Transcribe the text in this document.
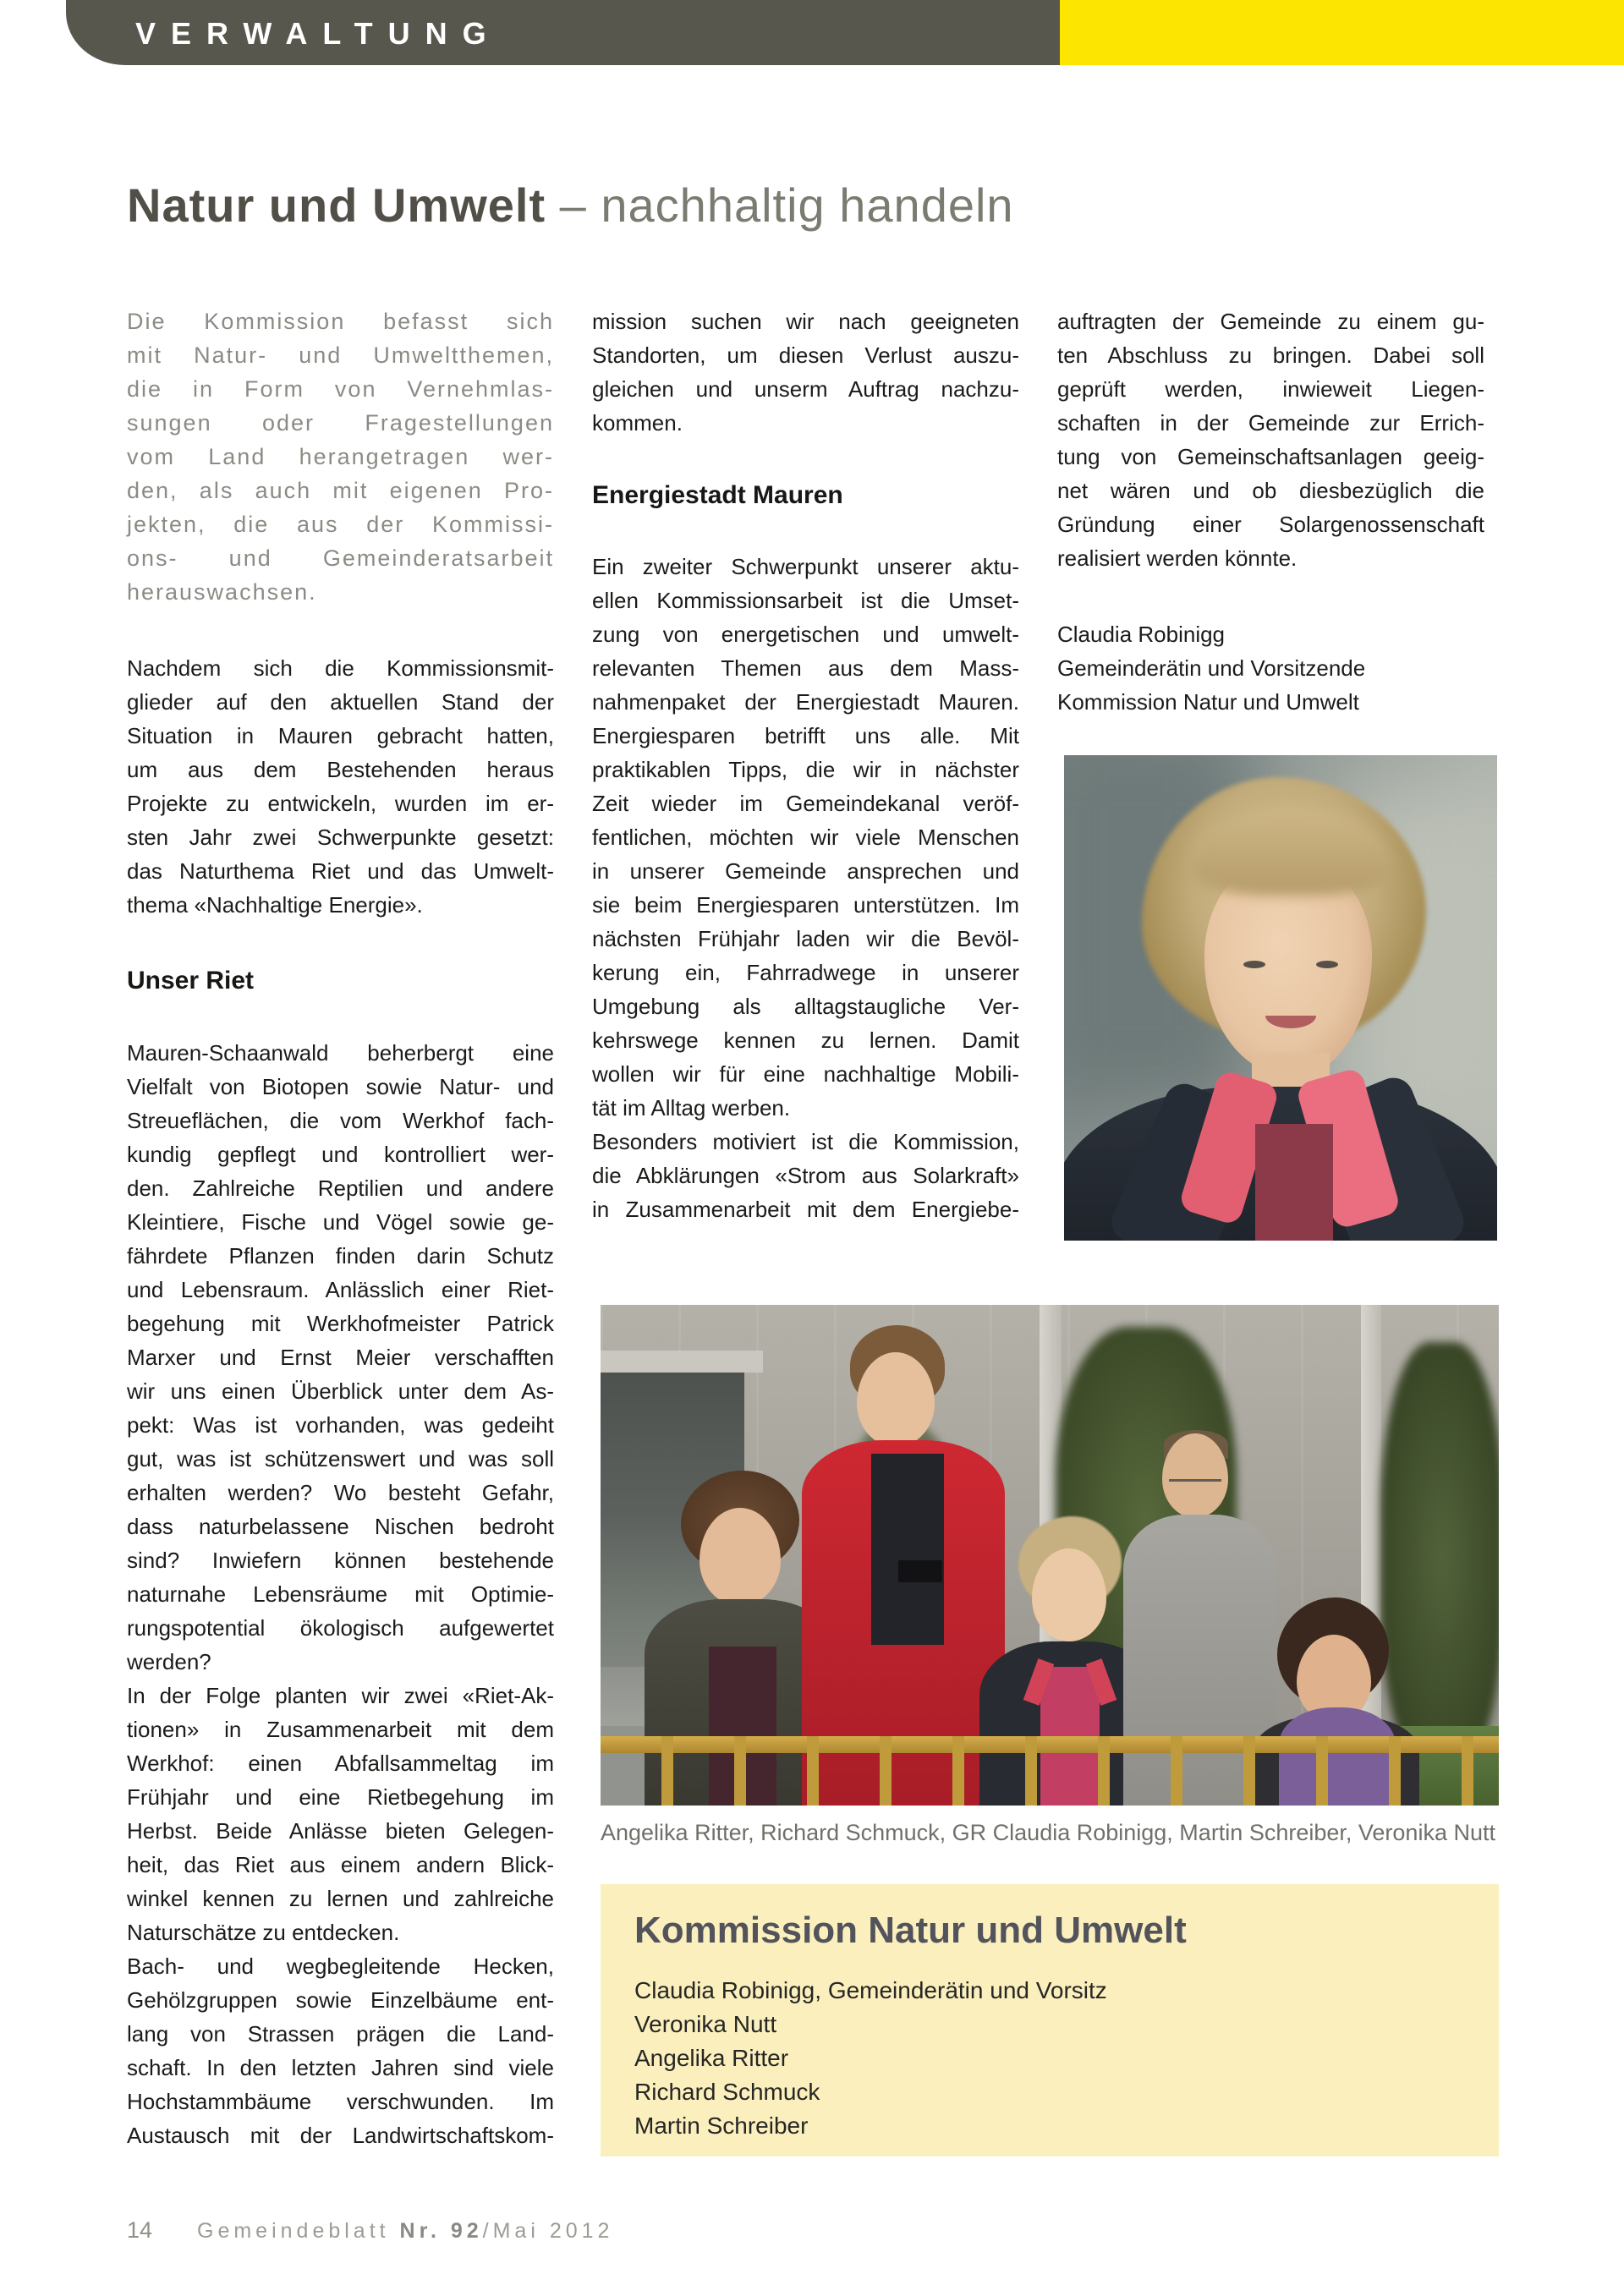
VERWALTUNG
Natur und Umwelt – nachhaltig handeln
Die Kommission befasst sich
mit Natur- und Umweltthemen,
die in Form von Vernehmlas-
sungen oder Fragestellungen
vom Land herangetragen wer-
den, als auch mit eigenen Pro-
jekten, die aus der Kommissi-
ons- und Gemeinderatsarbeit
herauswachsen.
Nachdem sich die Kommissionsmit-
glieder auf den aktuellen Stand der
Situation in Mauren gebracht hatten,
um aus dem Bestehenden heraus
Projekte zu entwickeln, wurden im er-
sten Jahr zwei Schwerpunkte gesetzt:
das Naturthema Riet und das Umwelt-
thema «Nachhaltige Energie».
Unser Riet
Mauren-Schaanwald beherbergt eine
Vielfalt von Biotopen sowie Natur- und
Streueflächen, die vom Werkhof fach-
kundig gepflegt und kontrolliert wer-
den. Zahlreiche Reptilien und andere
Kleintiere, Fische und Vögel sowie ge-
fährdete Pflanzen finden darin Schutz
und Lebensraum. Anlässlich einer Riet-
begehung mit Werkhofmeister Patrick
Marxer und Ernst Meier verschafften
wir uns einen Überblick unter dem As-
pekt: Was ist vorhanden, was gedeiht
gut, was ist schützenswert und was soll
erhalten werden? Wo besteht Gefahr,
dass naturbelassene Nischen bedroht
sind? Inwiefern können bestehende
naturnahe Lebensräume mit Optimie-
rungspotential ökologisch aufgewertet
werden?
In der Folge planten wir zwei «Riet-Ak-
tionen» in Zusammenarbeit mit dem
Werkhof: einen Abfallsammeltag im
Frühjahr und eine Rietbegehung im
Herbst. Beide Anlässe bieten Gelegen-
heit, das Riet aus einem andern Blick-
winkel kennen zu lernen und zahlreiche
Naturschätze zu entdecken.
Bach- und wegbegleitende Hecken,
Gehölzgruppen sowie Einzelbäume ent-
lang von Strassen prägen die Land-
schaft. In den letzten Jahren sind viele
Hochstammbäume verschwunden. Im
Austausch mit der Landwirtschaftskom-
mission suchen wir nach geeigneten
Standorten, um diesen Verlust auszu-
gleichen und unserm Auftrag nachzu-
kommen.
Energiestadt Mauren
Ein zweiter Schwerpunkt unserer aktu-
ellen Kommissionsarbeit ist die Umset-
zung von energetischen und umwelt-
relevanten Themen aus dem Mass-
nahmenpaket der Energiestadt Mauren.
Energiesparen betrifft uns alle. Mit
praktikablen Tipps, die wir in nächster
Zeit wieder im Gemeindekanal veröf-
fentlichen, möchten wir viele Menschen
in unserer Gemeinde ansprechen und
sie beim Energiesparen unterstützen. Im
nächsten Frühjahr laden wir die Bevöl-
kerung ein, Fahrradwege in unserer
Umgebung als alltagstaugliche Ver-
kehrswege kennen zu lernen. Damit
wollen wir für eine nachhaltige Mobili-
tät im Alltag werben.
Besonders motiviert ist die Kommission,
die Abklärungen «Strom aus Solarkraft»
in Zusammenarbeit mit dem Energiebe-
auftragten der Gemeinde zu einem gu-
ten Abschluss zu bringen. Dabei soll
geprüft werden, inwieweit Liegen-
schaften in der Gemeinde zur Errich-
tung von Gemeinschaftsanlagen geeig-
net wären und ob diesbezüglich die
Gründung einer Solargenossenschaft
realisiert werden könnte.
Claudia Robinigg
Gemeinderätin und Vorsitzende
Kommission Natur und Umwelt
Angelika Ritter, Richard Schmuck, GR Claudia Robinigg, Martin Schreiber, Veronika Nutt
Kommission Natur und Umwelt
Claudia Robinigg, Gemeinderätin und Vorsitz
Veronika Nutt
Angelika Ritter
Richard Schmuck
Martin Schreiber
14 Gemeindeblatt Nr. 92/Mai 2012
